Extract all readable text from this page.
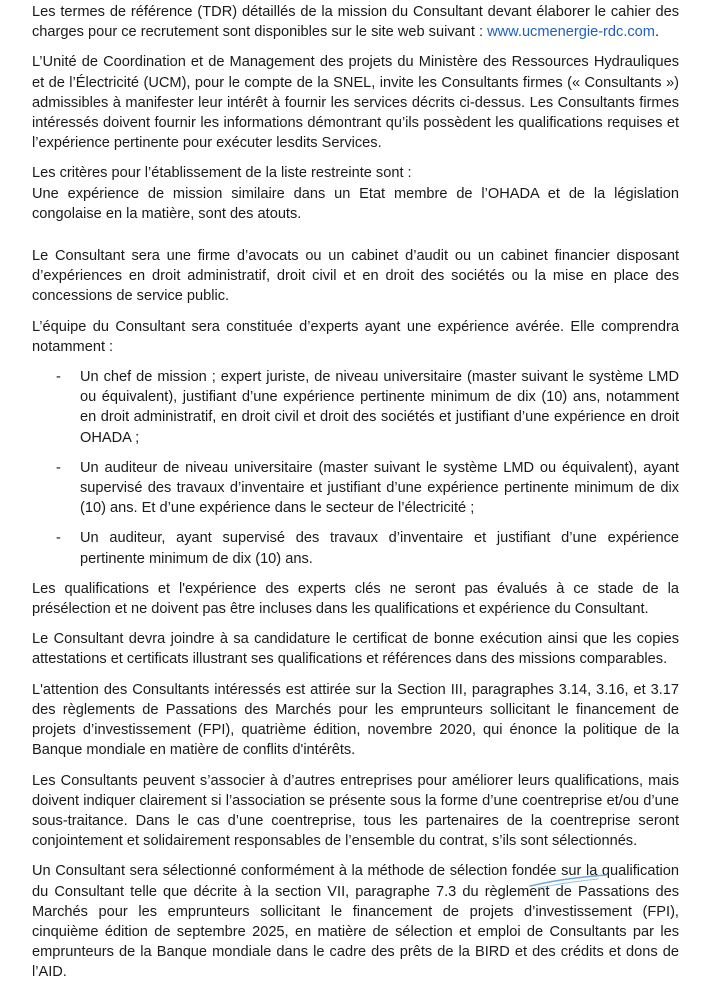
Les termes de référence (TDR) détaillés de la mission du Consultant devant élaborer le cahier des charges pour ce recrutement sont disponibles sur le site web suivant : www.ucmenergie-rdc.com.

L’Unité de Coordination et de Management des projets du Ministère des Ressources Hydrauliques et de l’Électricité (UCM), pour le compte de la SNEL, invite les Consultants firmes (« Consultants ») admissibles à manifester leur intérêt à fournir les services décrits ci-dessus. Les Consultants firmes intéressés doivent fournir les informations démontrant qu’ils possèdent les qualifications requises et l’expérience pertinente pour exécuter lesdits Services.

Les critères pour l’établissement de la liste restreinte sont :
Une expérience de mission similaire dans un Etat membre de l’OHADA et de la législation congolaise en la matière, sont des atouts.

Le Consultant sera une firme d’avocats ou un cabinet d’audit ou un cabinet financier disposant d’expériences en droit administratif, droit civil et en droit des sociétés ou la mise en place des concessions de service public.

L’équipe du Consultant sera constituée d’experts ayant une expérience avérée. Elle comprendra notamment :

- Un chef de mission ; expert juriste, de niveau universitaire (master suivant le système LMD ou équivalent), justifiant d’une expérience pertinente minimum de dix (10) ans, notamment en droit administratif, en droit civil et droit des sociétés et justifiant d’une expérience en droit OHADA ;
- Un auditeur de niveau universitaire (master suivant le système LMD ou équivalent), ayant supervisé des travaux d’inventaire et justifiant d’une expérience pertinente minimum de dix (10) ans. Et d’une expérience dans le secteur de l’électricité ;
- Un auditeur, ayant supervisé des travaux d’inventaire et justifiant d’une expérience pertinente minimum de dix (10) ans.

Les qualifications et l'expérience des experts clés ne seront pas évalués à ce stade de la présélection et ne doivent pas être incluses dans les qualifications et expérience du Consultant.

Le Consultant devra joindre à sa candidature le certificat de bonne exécution ainsi que les copies attestations et certificats illustrant ses qualifications et références dans des missions comparables.

L'attention des Consultants intéressés est attirée sur la Section III, paragraphes 3.14, 3.16, et 3.17 des règlements de Passations des Marchés pour les emprunteurs sollicitant le financement de projets d’investissement (FPI), quatrième édition, novembre 2020, qui énonce la politique de la Banque mondiale en matière de conflits d'intérêts.

Les Consultants peuvent s’associer à d’autres entreprises pour améliorer leurs qualifications, mais doivent indiquer clairement si l’association se présente sous la forme d’une coentreprise et/ou d’une sous-traitance. Dans le cas d’une coentreprise, tous les partenaires de la coentreprise seront conjointement et solidairement responsables de l’ensemble du contrat, s’ils sont sélectionnés.

Un Consultant sera sélectionné conformément à la méthode de sélection fondée sur la qualification du Consultant telle que décrite à la section VII, paragraphe 7.3 du règlement de Passations des Marchés pour les emprunteurs sollicitant le financement de projets d’investissement (FPI), cinquième édition de septembre 2025, en matière de sélection et emploi de Consultants par les emprunteurs de la Banque mondiale dans le cadre des prêts de la BIRD et des crédits et dons de l’AID.
